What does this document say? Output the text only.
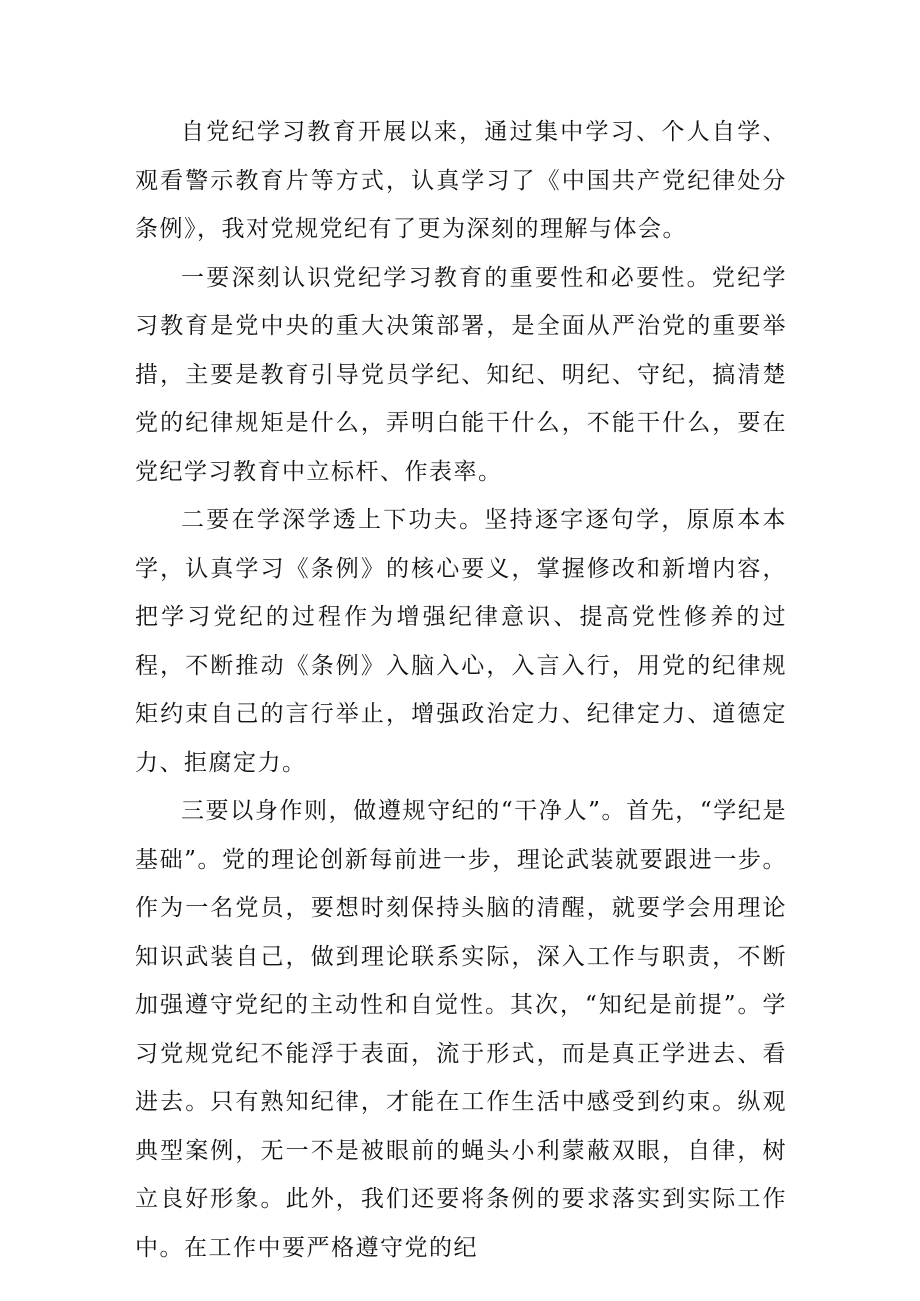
自党纪学习教育开展以来，通过集中学习、个人自学、观看警示教育片等方式，认真学习了《中国共产党纪律处分条例》，我对党规党纪有了更为深刻的理解与体会。

一要深刻认识党纪学习教育的重要性和必要性。党纪学习教育是党中央的重大决策部署，是全面从严治党的重要举措，主要是教育引导党员学纪、知纪、明纪、守纪，搞清楚党的纪律规矩是什么，弄明白能干什么，不能干什么，要在党纪学习教育中立标杆、作表率。

二要在学深学透上下功夫。坚持逐字逐句学，原原本本学，认真学习《条例》的核心要义，掌握修改和新增内容，把学习党纪的过程作为增强纪律意识、提高党性修养的过程，不断推动《条例》入脑入心，入言入行，用党的纪律规矩约束自己的言行举止，增强政治定力、纪律定力、道德定力、拒腐定力。

三要以身作则，做遵规守纪的“干净人”。首先，“学纪是基础”。党的理论创新每前进一步，理论武装就要跟进一步。作为一名党员，要想时刻保持头脑的清醒，就要学会用理论知识武装自己，做到理论联系实际，深入工作与职责，不断加强遵守党纪的主动性和自觉性。其次，“知纪是前提”。学习党规党纪不能浮于表面，流于形式，而是真正学进去、看进去。只有熟知纪律，才能在工作生活中感受到约束。纵观典型案例，无一不是被眼前的蝇头小利蒙蔽双眼，自律，树立良好形象。此外，我们还要将条例的要求落实到实际工作中。在工作中要严格遵守党的纪
